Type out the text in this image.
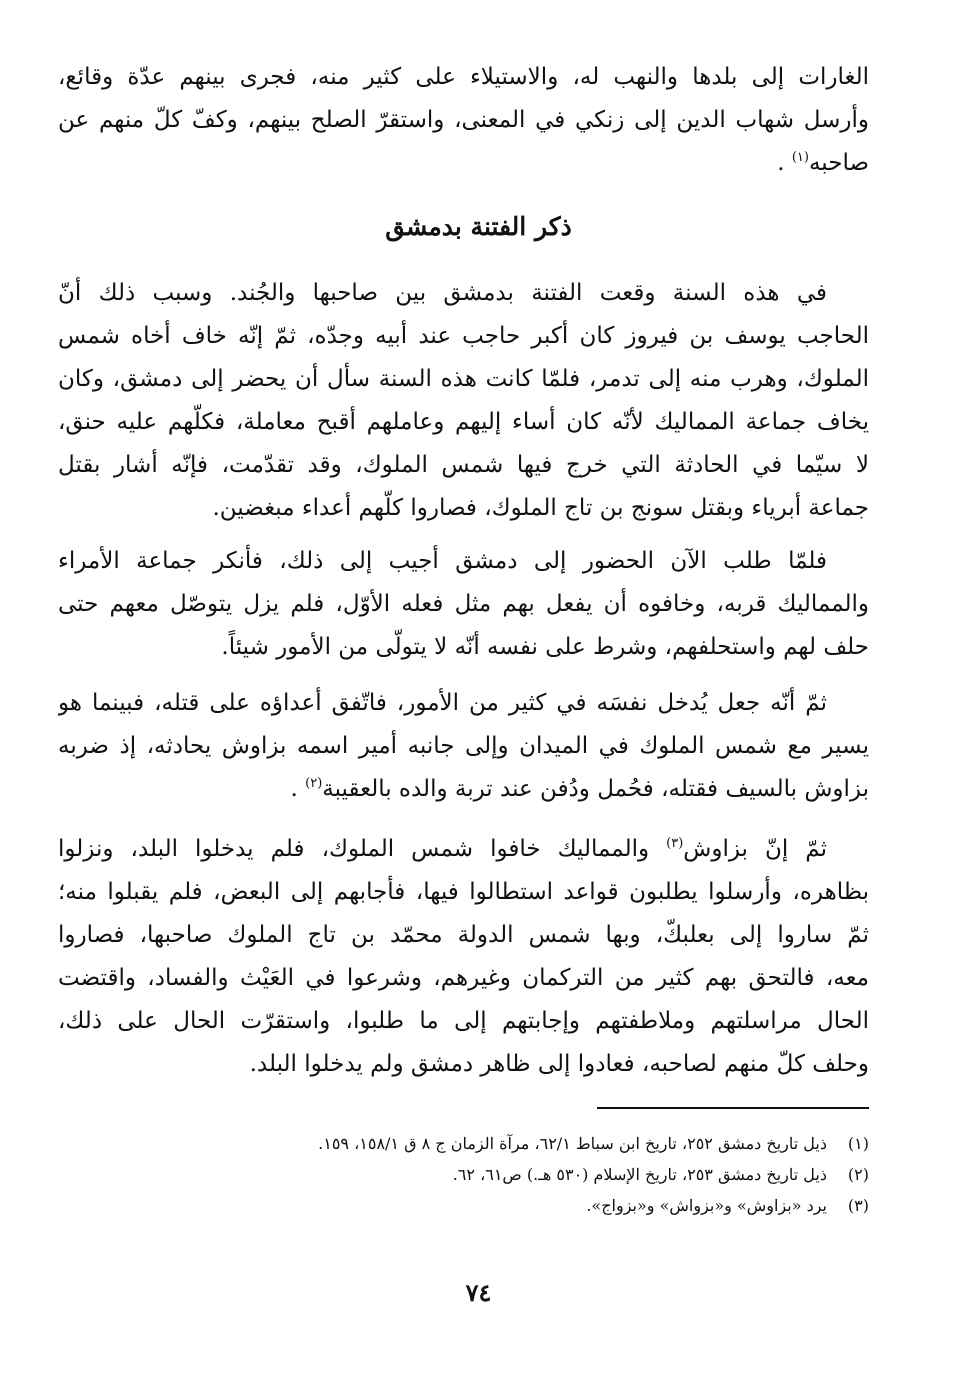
الغارات إلى بلدها والنهب له، والاستيلاء على كثير منه، فجرى بينهم عدّة وقائع،

وأرسل شهاب الدين إلى زنكي في المعنى، واستقرّ الصلح بينهم، وكفّ كلّ منهم عن

صاحبه$^{(١)}$ .

ذكر الفتنة بدمشق

في هذه السنة وقعت الفتنة بدمشق بين صاحبها والجُند. وسبب ذلك أنّ

الحاجب يوسف بن فيروز كان أكبر حاجب عند أبيه وجدّه، ثمّ إنّه خاف أخاه شمس

الملوك، وهرب منه إلى تدمر، فلمّا كانت هذه السنة سأل أن يحضر إلى دمشق، وكان

يخاف جماعة المماليك لأنّه كان أساء إليهم وعاملهم أقبح معاملة، فكلّهم عليه حنق،

لا سيّما في الحادثة التي خرج فيها شمس الملوك، وقد تقدّمت، فإنّه أشار بقتل

جماعة أبرياء وبقتل سونج بن تاج الملوك، فصاروا كلّهم أعداء مبغضين.

فلمّا طلب الآن الحضور إلى دمشق أجيب إلى ذلك، فأنكر جماعة الأمراء

والمماليك قربه، وخافوه أن يفعل بهم مثل فعله الأوّل، فلم يزل يتوصّل معهم حتى

حلف لهم واستحلفهم، وشرط على نفسه أنّه لا يتولّى من الأمور شيئاً.

ثمّ أنّه جعل يُدخل نفسَه في كثير من الأمور، فاتّفق أعداؤه على قتله، فبينما هو

يسير مع شمس الملوك في الميدان وإلى جانبه أمير اسمه بزاوش يحادثه، إذ ضربه

بزاوش بالسيف فقتله، فحُمل ودُفن عند تربة والده بالعقيبة$^{(٢)}$ .

ثمّ إنّ بزاوش$^{(٣)}$ والمماليك خافوا شمس الملوك، فلم يدخلوا البلد، ونزلوا

بظاهره، وأرسلوا يطلبون قواعد استطالوا فيها، فأجابهم إلى البعض، فلم يقبلوا منه؛

ثمّ ساروا إلى بعلبكّ، وبها شمس الدولة محمّد بن تاج الملوك صاحبها، فصاروا

معه، فالتحق بهم كثير من التركمان وغيرهم، وشرعوا في العَيْث والفساد، واقتضت

الحال مراسلتهم وملاطفتهم وإجابتهم إلى ما طلبوا، واستقرّت الحال على ذلك،

وحلف كلّ منهم لصاحبه، فعادوا إلى ظاهر دمشق ولم يدخلوا البلد.

(١)
ذيل تاريخ دمشق ٢٥٢، تاريخ ابن سباط ٦٢/١، مرآة الزمان ج ٨ ق ١٥٨/١، ١٥٩.
(٢)
ذيل تاريخ دمشق ٢٥٣، تاريخ الإسلام (٥٣٠ هـ.) ص٦١، ٦٢.
(٣)
يرد «بزاوش» و«بزواش» و«بزواج».
٧٤
